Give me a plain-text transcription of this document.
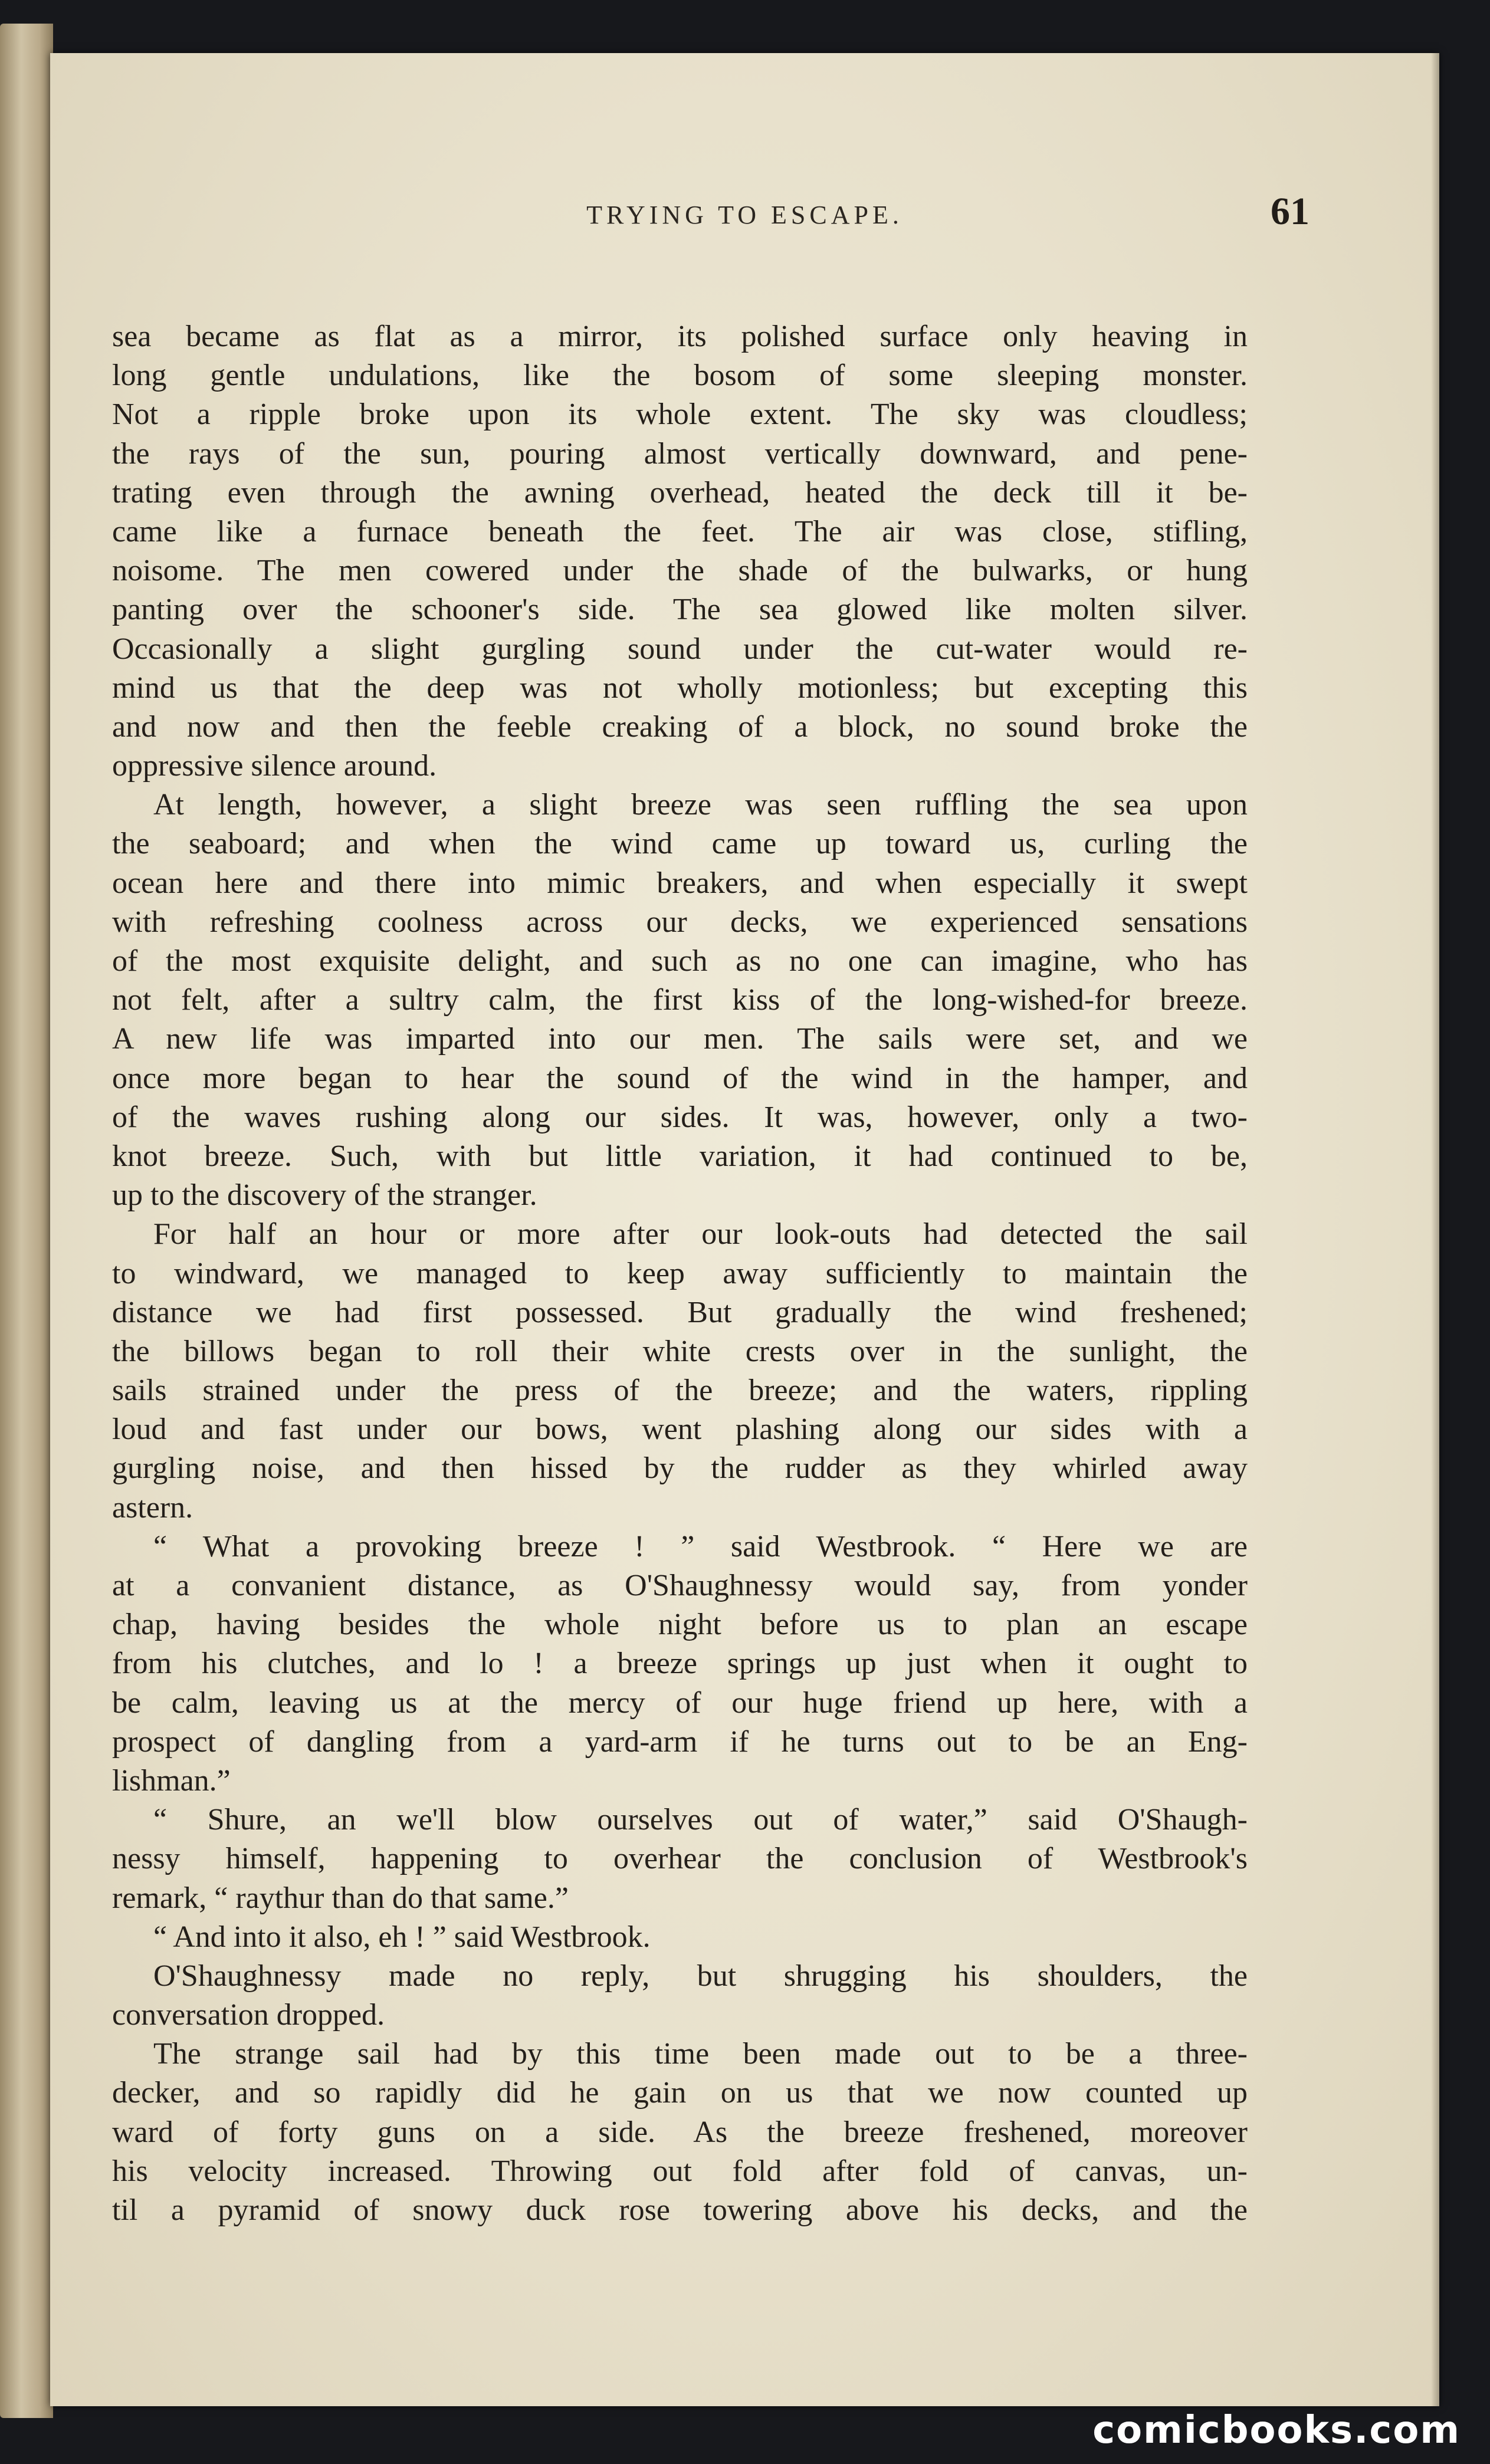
TRYING TO ESCAPE.	61
sea became as flat as a mirror, its polished surface only heaving in
long gentle undulations, like the bosom of some sleeping monster.
Not a ripple broke upon its whole extent. The sky was cloudless;
the rays of the sun, pouring almost vertically downward, and pene-
trating even through the awning overhead, heated the deck till it be-
came like a furnace beneath the feet. The air was close, stifling,
noisome. The men cowered under the shade of the bulwarks, or hung
panting over the schooner's side. The sea glowed like molten silver.
Occasionally a slight gurgling sound under the cut-water would re-
mind us that the deep was not wholly motionless; but excepting this
and now and then the feeble creaking of a block, no sound broke the
oppressive silence around.
At length, however, a slight breeze was seen ruffling the sea upon
the seaboard; and when the wind came up toward us, curling the
ocean here and there into mimic breakers, and when especially it swept
with refreshing coolness across our decks, we experienced sensations
of the most exquisite delight, and such as no one can imagine, who has
not felt, after a sultry calm, the first kiss of the long-wished-for breeze.
A new life was imparted into our men. The sails were set, and we
once more began to hear the sound of the wind in the hamper, and
of the waves rushing along our sides. It was, however, only a two-
knot breeze. Such, with but little variation, it had continued to be,
up to the discovery of the stranger.
For half an hour or more after our look-outs had detected the sail
to windward, we managed to keep away sufficiently to maintain the
distance we had first possessed. But gradually the wind freshened;
the billows began to roll their white crests over in the sunlight, the
sails strained under the press of the breeze; and the waters, rippling
loud and fast under our bows, went plashing along our sides with a
gurgling noise, and then hissed by the rudder as they whirled away
astern.
“ What a provoking breeze ! ” said Westbrook. “ Here we are
at a convanient distance, as O'Shaughnessy would say, from yonder
chap, having besides the whole night before us to plan an escape
from his clutches, and lo ! a breeze springs up just when it ought to
be calm, leaving us at the mercy of our huge friend up here, with a
prospect of dangling from a yard-arm if he turns out to be an Eng-
lishman.”
“ Shure, an we'll blow ourselves out of water,” said O'Shaugh-
nessy himself, happening to overhear the conclusion of Westbrook's
remark, “ raythur than do that same.”
“ And into it also, eh ! ” said Westbrook.
O'Shaughnessy made no reply, but shrugging his shoulders, the
conversation dropped.
The strange sail had by this time been made out to be a three-
decker, and so rapidly did he gain on us that we now counted up
ward of forty guns on a side. As the breeze freshened, moreover
his velocity increased. Throwing out fold after fold of canvas, un-
til a pyramid of snowy duck rose towering above his decks, and the
comicbooks.com
